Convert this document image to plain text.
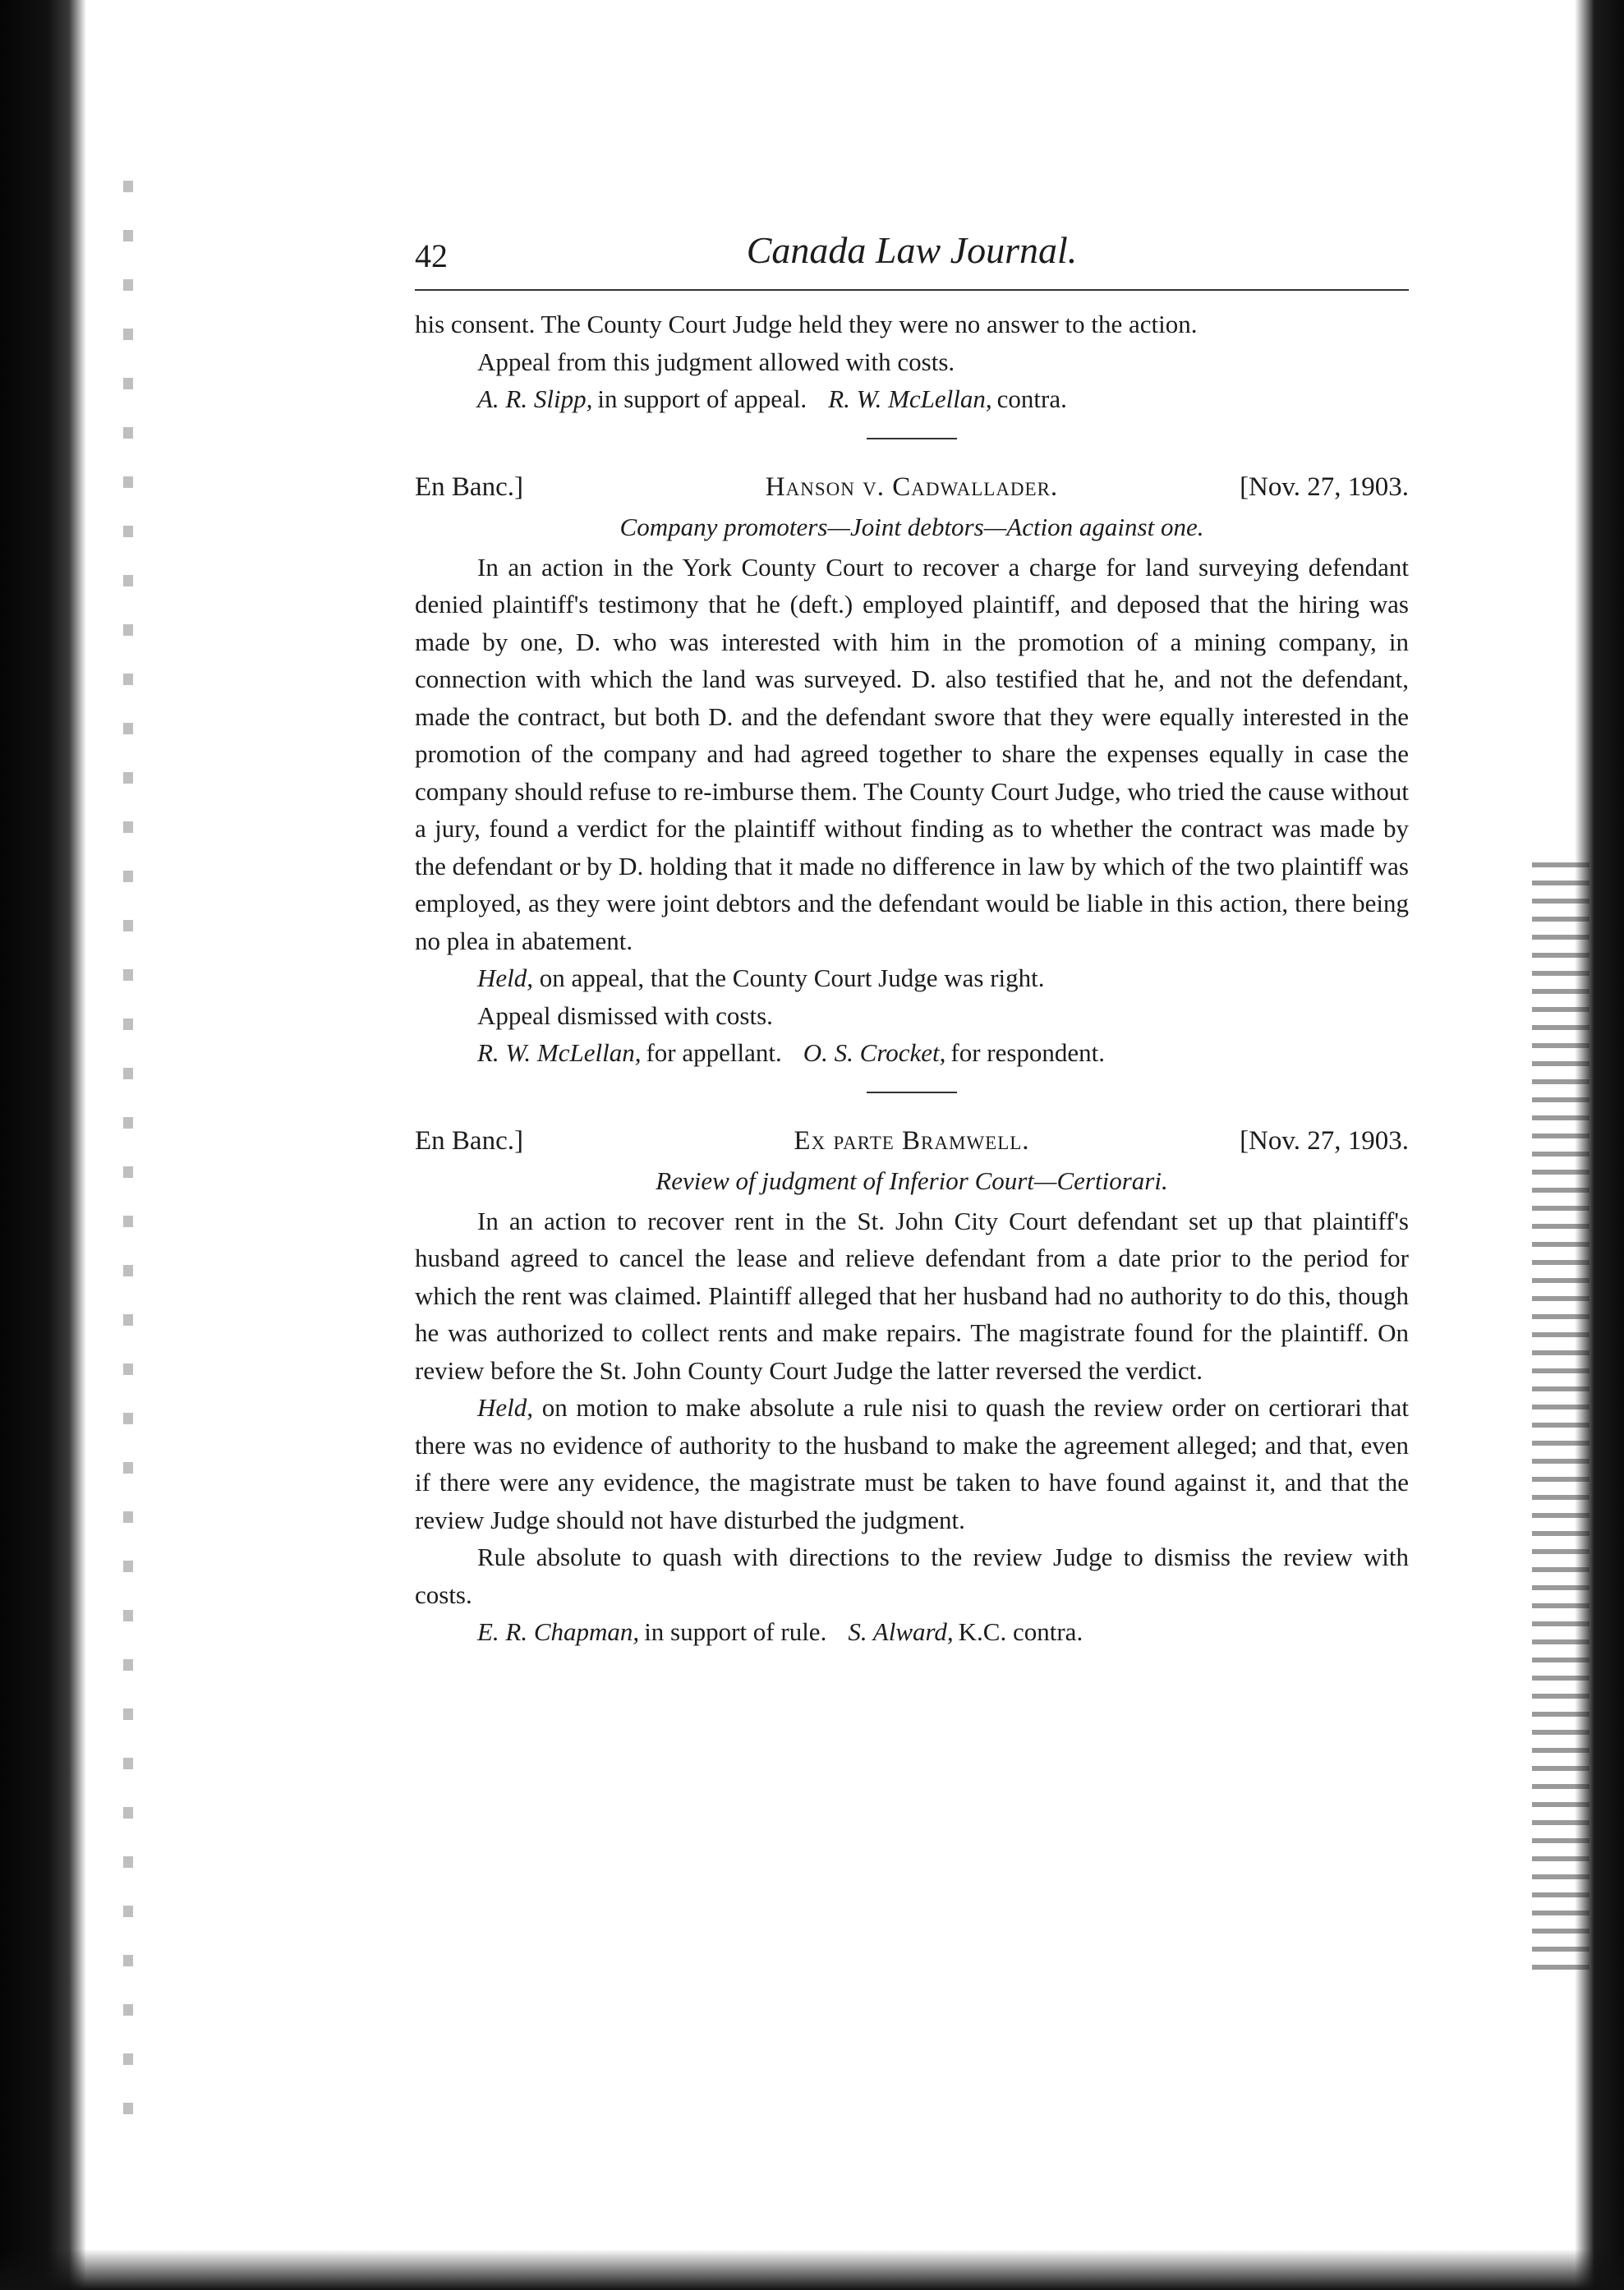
42	Canada Law Journal.

his consent. The County Court Judge held they were no answer to the action.

Appeal from this judgment allowed with costs.

A. R. Slipp, in support of appeal. R. W. McLellan, contra.

En Banc.]	Hanson v. Cadwallader.	[Nov. 27, 1903.
Company promoters—Joint debtors—Action against one.

In an action in the York County Court to recover a charge for land surveying defendant denied plaintiff's testimony that he (deft.) employed plaintiff, and deposed that the hiring was made by one, D. who was interested with him in the promotion of a mining company, in connection with which the land was surveyed. D. also testified that he, and not the defendant, made the contract, but both D. and the defendant swore that they were equally interested in the promotion of the company and had agreed together to share the expenses equally in case the company should refuse to re-imburse them. The County Court Judge, who tried the cause without a jury, found a verdict for the plaintiff without finding as to whether the contract was made by the defendant or by D. holding that it made no difference in law by which of the two plaintiff was employed, as they were joint debtors and the defendant would be liable in this action, there being no plea in abatement.

Held, on appeal, that the County Court Judge was right.

Appeal dismissed with costs.

R. W. McLellan, for appellant. O. S. Crocket, for respondent.

En Banc.]	Ex parte Bramwell.	[Nov. 27, 1903.
Review of judgment of Inferior Court—Certiorari.

In an action to recover rent in the St. John City Court defendant set up that plaintiff's husband agreed to cancel the lease and relieve defendant from a date prior to the period for which the rent was claimed. Plaintiff alleged that her husband had no authority to do this, though he was authorized to collect rents and make repairs. The magistrate found for the plaintiff. On review before the St. John County Court Judge the latter reversed the verdict.

Held, on motion to make absolute a rule nisi to quash the review order on certiorari that there was no evidence of authority to the husband to make the agreement alleged; and that, even if there were any evidence, the magistrate must be taken to have found against it, and that the review Judge should not have disturbed the judgment.

Rule absolute to quash with directions to the review Judge to dismiss the review with costs.

E. R. Chapman, in support of rule. S. Alward, K.C. contra.
